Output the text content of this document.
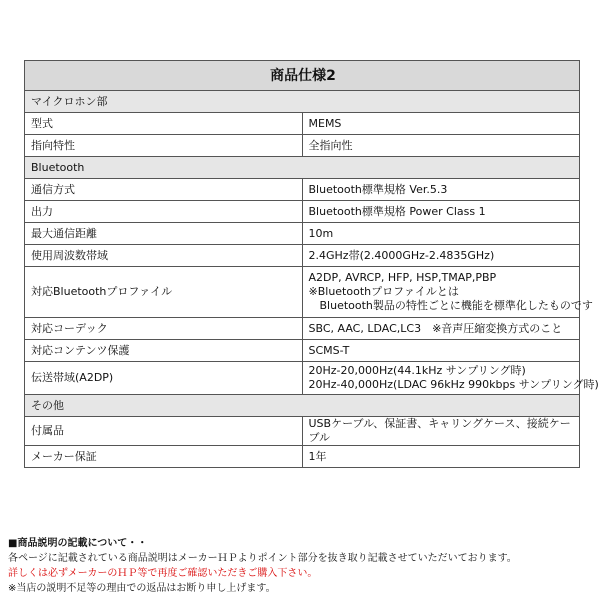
商品仕様2	
マイクロホン部	
型式	MEMS
指向特性	全指向性
Bluetooth	
通信方式	Bluetooth標準規格 Ver.5.3
出力	Bluetooth標準規格 Power Class 1
最大通信距離	10m
使用周波数帯域	2.4GHz帯(2.4000GHz-2.4835GHz)
対応Bluetoothプロファイル	A2DP, AVRCP, HFP, HSP,TMAP,PBP
※Bluetoothプロファイルとは
　Bluetooth製品の特性ごとに機能を標準化したものです

対応コーデック	SBC, AAC, LDAC,LC3　※音声圧縮変換方式のこと
対応コンテンツ保護	SCMS-T
伝送帯域(A2DP)	20Hz-20,000Hz(44.1kHz サンプリング時)
20Hz-40,000Hz(LDAC 96kHz 990kbps サンプリング時)

その他	
付属品	USBケーブル、保証書、キャリングケース、接続ケーブル
メーカー保証	1年
■商品説明の記載について・・
各ページに記載されている商品説明はメーカーＨＰよりポイント部分を抜き取り記載させていただいております。
詳しくは必ずメーカーのＨＰ等で再度ご確認いただきご購入下さい。
※当店の説明不足等の理由での返品はお断り申し上げます。
